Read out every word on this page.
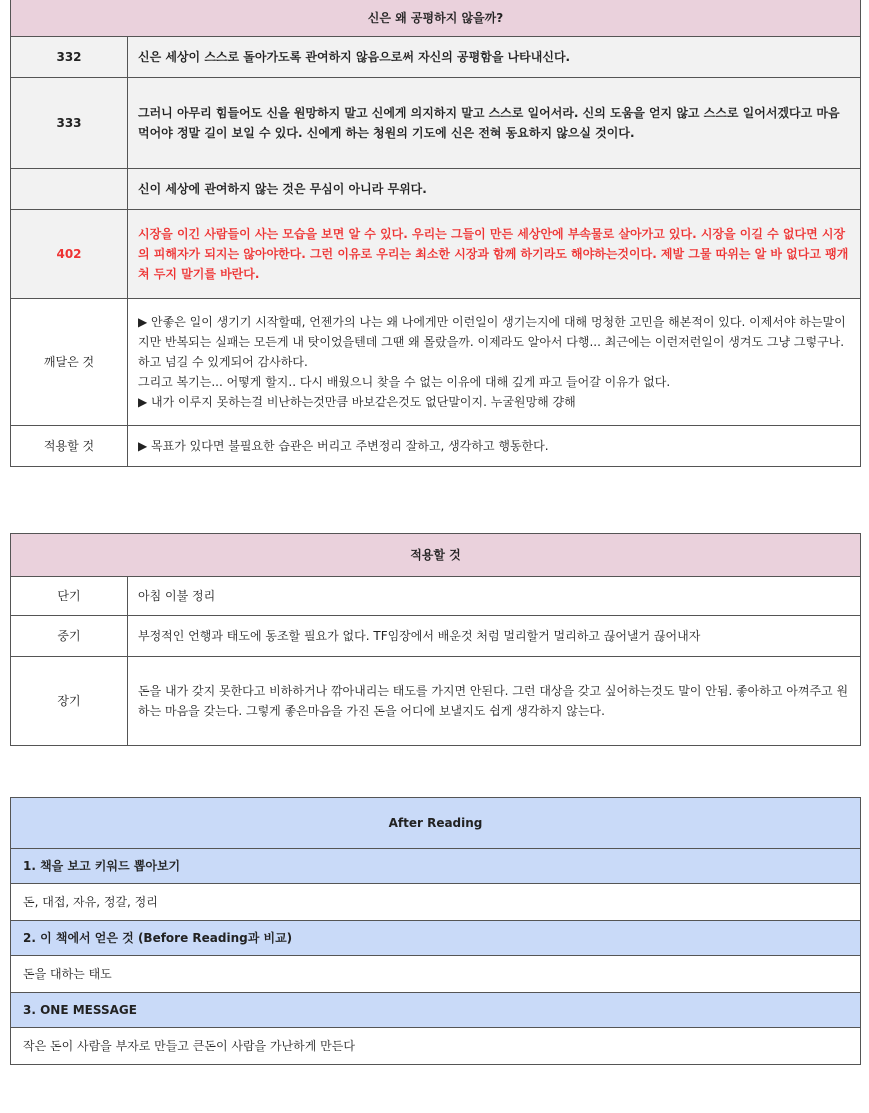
신은 왜 공평하지 않을까?	
332	신은 세상이 스스로 돌아가도록 관여하지 않음으로써 자신의 공평함을 나타내신다.
333	그러니 아무리 힘들어도 신을 원망하지 말고 신에게 의지하지 말고 스스로 일어서라. 신의 도움을 얻지 않고 스스로 일어서겠다고 마음 먹어야 정말 길이 보일 수 있다. 신에게 하는 청원의 기도에 신은 전혀 동요하지 않으실 것이다.
	신이 세상에 관여하지 않는 것은 무심이 아니라 무위다.
402	시장을 이긴 사람들이 사는 모습을 보면 알 수 있다. 우리는 그들이 만든 세상안에 부속물로 살아가고 있다. 시장을 이길 수 없다면 시장의 피해자가 되지는 않아야한다. 그런 이유로 우리는 최소한 시장과 함께 하기라도 해야하는것이다. 제발 그물 따위는 알 바 없다고 팽개쳐 두지 말기를 바란다.
깨달은 것	▶ 안좋은 일이 생기기 시작할때, 언젠가의 나는 왜 나에게만 이런일이 생기는지에 대해 멍청한 고민을 해본적이 있다. 이제서야 하는말이지만 반복되는 실패는 모든게 내 탓이었을텐데 그땐 왜 몰랐을까. 이제라도 알아서 다행... 최근에는 이런저런일이 생겨도 그냥 그렇구나. 하고 넘길 수 있게되어 감사하다.
그리고 복기는... 어떻게 할지.. 다시 배웠으니 찾을 수 없는 이유에 대해 깊게 파고 들어갈 이유가 없다.
▶ 내가 이루지 못하는걸 비난하는것만큼 바보같은것도 없단말이지. 누굴원망해 걍해

적용할 것	▶ 목표가 있다면 불필요한 습관은 버리고 주변정리 잘하고, 생각하고 행동한다.
적용할 것	
단기	아침 이불 정리
중기	부정적인 언행과 태도에 동조할 필요가 없다. TF임장에서 배운것 처럼 멀리할거 멀리하고 끊어낼거 끊어내자
장기	돈을 내가 갖지 못한다고 비하하거나 깎아내리는 태도를 가지면 안된다. 그런 대상을 갖고 싶어하는것도 말이 안됨. 좋아하고 아껴주고 원하는 마음을 갖는다. 그렇게 좋은마음을 가진 돈을 어디에 보낼지도 쉽게 생각하지 않는다.
After Reading
1. 책을 보고 키워드 뽑아보기
돈, 대접, 자유, 정갈, 정리
2. 이 책에서 얻은 것 (Before Reading과 비교)
돈을 대하는 태도
3. ONE MESSAGE
작은 돈이 사람을 부자로 만들고 큰돈이 사람을 가난하게 만든다
